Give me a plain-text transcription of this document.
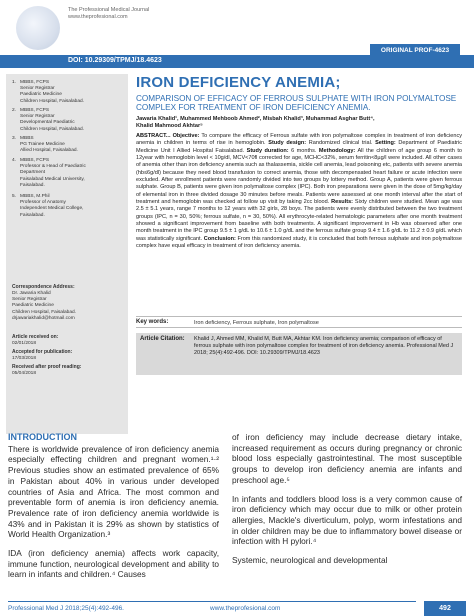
The Professional Medical Journal
www.theprofesional.com
ORIGINAL PROF-4623
DOI: 10.29309/TPMJ/18.4623
1. MBBS, FCPS
Senior Registrar
Paediatric Medicine
Children Hospital, Faisalabad.
2. MBBS, FCPS
Senior Registrar
Developmental Paediatric
Children Hospital, Faisalabad.
3. MBBS
PG Trainee Medicine
Allied Hospital, Faisalabad.
4. MBBS, FCPS
Professor & Head of Paediatric
Department
Faisalabad Medical University,
Faisalabad.
5. MBBS, M.Phil
Professor of Anatomy
Independent Medical College,
Faisalabad.
Correspondence Address:
Dr. Jawaria Khalid
Senior Registrar
Paediatric Medicine
Children Hospital, Faisalabad.
drjawariakhalid@hotmail.com
Article received on:
02/01/2018
Accepted for publication:
17/03/2018
Received after proof reading:
05/04/2018
IRON DEFICIENCY ANEMIA;
COMPARISON OF EFFICACY OF FERROUS SULPHATE WITH IRON POLYMALTOSE COMPLEX FOR TREATMENT OF IRON DEFICIENCY ANEMIA.
Jawaria Khalid¹, Muhammed Mehboob Ahmed², Misbah Khalid³, Muhammad Asghar Butt⁴,
Khalid Mahmood Akhtar⁵
ABSTRACT... Objective: To compare the efficacy of Ferrous sulfate with iron polymaltose complex in treatment of iron deficiency anemia in children in terms of rise in hemoglobin. Study design: Randomized clinical trial. Setting: Department of Paediatric Medicine Unit I Allied Hospital Faisalabad. Study duration: 6 months. Methodology: All the children of age group 6 month to 12year with hemoglobin level < 10g/dl, MCV<70fl corrected for age, MCHC<32%, serum ferritin<8µg/l were included. All other cases of anemia other than iron deficiency anemia such as thalassemia, sickle cell anemia, lead poisoning etc, patients with severe anemia (hb≤6g/dl) because they need blood transfusion to correct anemia, those with decompensated heart failure or acute infection were excluded. After enrollment patients were randomly divided into two groups by lottery method. Group A, patients were given ferrous sulphate. Group B, patients were given iron polymaltose complex (IPC). Both iron preparations were given in the dose of 5mg/kg/day of elemental iron in three divided dosage 30 minutes before meals. Patients were assessed at one month interval after the start of treatment and hemoglobin was checked at follow up visit by taking 2cc blood. Results: Sixty children were studied. Mean age was 2.5 ± 5.1 years, range 7 months to 12 years with 32 girls, 28 boys. The patients were evenly distributed between the two treatment groups (IPC, n = 30, 50%; ferrous sulfate, n = 30, 50%). All erythrocyte-related hematologic parameters after one month treatment showed a significant improvement from baseline with both treatments. A significant improvement in Hb was observed after one month treatment in the IPC group 9.5 ± 1 g/dL to 10.6 ± 1.0 g/dL and the ferrous sulfate group 9.4 ± 1.6 g/dL to 11.2 ± 0.9 g/dL which was statistically significant. Conclusion: From this randomized study, it is concluded that both ferrous sulphate and iron polymaltose complex have equal efficacy in treatment of iron deficiency anemia.
Key words:	Iron deficiency, Ferrous sulphate, Iron polymaltose
Article Citation: Khalid J, Ahmed MM, Khalid M, Butt MA, Akhtar KM. Iron deficiency anemia; comparison of efficacy of ferrous sulphate with iron polymaltose complex for treatment of iron deficiency anemia. Professional Med J 2018; 25(4):492-496. DOI: 10.29309/TPMJ/18.4623
INTRODUCTION

There is worldwide prevalence of iron deficiency anemia especially effecting children and pregnant women.¹·² Previous studies show an estimated prevalence of 65% in Pakistan about 40% in various under developed countries of Asia and Africa. The most common and preventable form of anemia is iron deficiency anemia. Prevalence rate of iron deficiency anemia worldwide is 43% and in Pakistan it is 29% as shown by statistics of World Health Organization.³

IDA (iron deficiency anemia) affects work capacity, immune function, neurological development and ability to learn in infants and children.⁴ Causes

of iron deficiency may include decrease dietary intake, increased requirement as occurs during pregnancy or chronic blood loss especially gastrointestinal. The most susceptible groups to develop iron deficiency anemia are infants and preschool age.⁵

In infants and toddlers blood loss is a very common cause of iron deficiency which may occur due to milk or other protein allergies, Mackle's diverticulum, polyp, worm infestations and in older children may be due to inflammatory bowel disease or infection with H pylori.⁴

Systemic, neurological and developmental

Professional Med J 2018;25(4):492-496.	www.theprofesional.com	492
